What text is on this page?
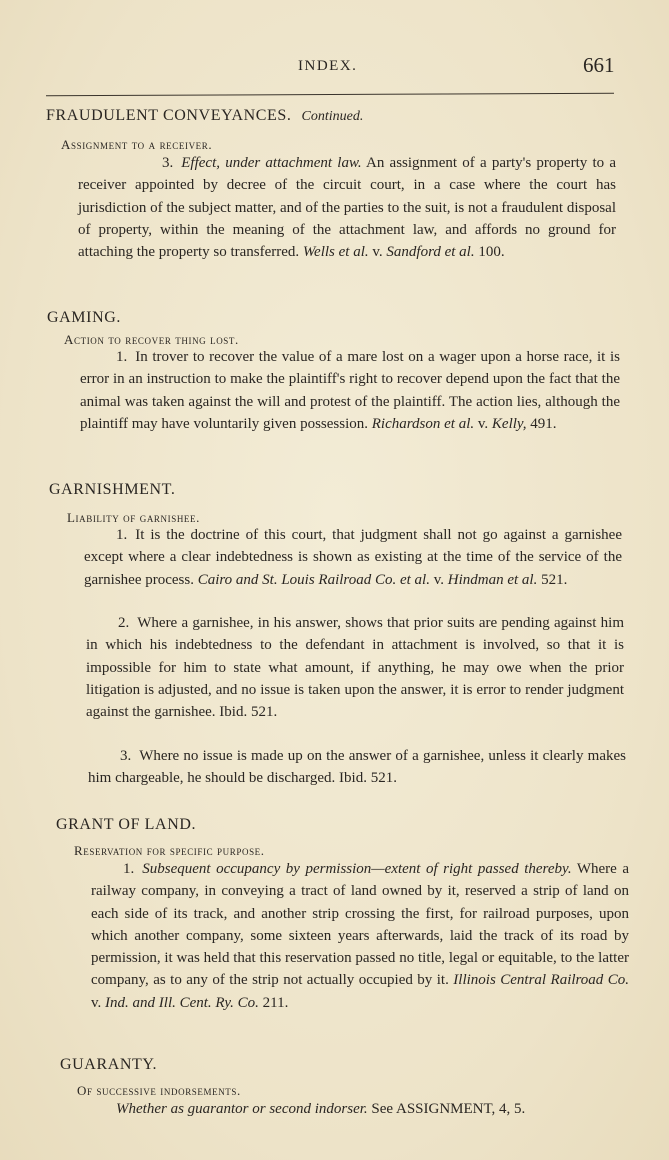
INDEX.	661
FRAUDULENT CONVEYANCES. Continued.
Assignment to a receiver.
3. Effect, under attachment law. An assignment of a party's property to a receiver appointed by decree of the circuit court, in a case where the court has jurisdiction of the subject matter, and of the parties to the suit, is not a fraudulent disposal of property, within the meaning of the attachment law, and affords no ground for attaching the property so transferred. Wells et al. v. Sandford et al. 100.
GAMING.
Action to recover thing lost.
1. In trover to recover the value of a mare lost on a wager upon a horse race, it is error in an instruction to make the plaintiff's right to recover depend upon the fact that the animal was taken against the will and protest of the plaintiff. The action lies, although the plaintiff may have voluntarily given possession. Richardson et al. v. Kelly, 491.
GARNISHMENT.
Liability of garnishee.
1. It is the doctrine of this court, that judgment shall not go against a garnishee except where a clear indebtedness is shown as existing at the time of the service of the garnishee process. Cairo and St. Louis Railroad Co. et al. v. Hindman et al. 521.
2. Where a garnishee, in his answer, shows that prior suits are pending against him in which his indebtedness to the defendant in attachment is involved, so that it is impossible for him to state what amount, if anything, he may owe when the prior litigation is adjusted, and no issue is taken upon the answer, it is error to render judgment against the garnishee. Ibid. 521.
3. Where no issue is made up on the answer of a garnishee, unless it clearly makes him chargeable, he should be discharged. Ibid. 521.
GRANT OF LAND.
Reservation for specific purpose.
1. Subsequent occupancy by permission—extent of right passed thereby. Where a railway company, in conveying a tract of land owned by it, reserved a strip of land on each side of its track, and another strip crossing the first, for railroad purposes, upon which another company, some sixteen years afterwards, laid the track of its road by permission, it was held that this reservation passed no title, legal or equitable, to the latter company, as to any of the strip not actually occupied by it. Illinois Central Railroad Co. v. Ind. and Ill. Cent. Ry. Co. 211.
GUARANTY.
Of successive indorsements.
Whether as guarantor or second indorser. See ASSIGNMENT, 4, 5.
